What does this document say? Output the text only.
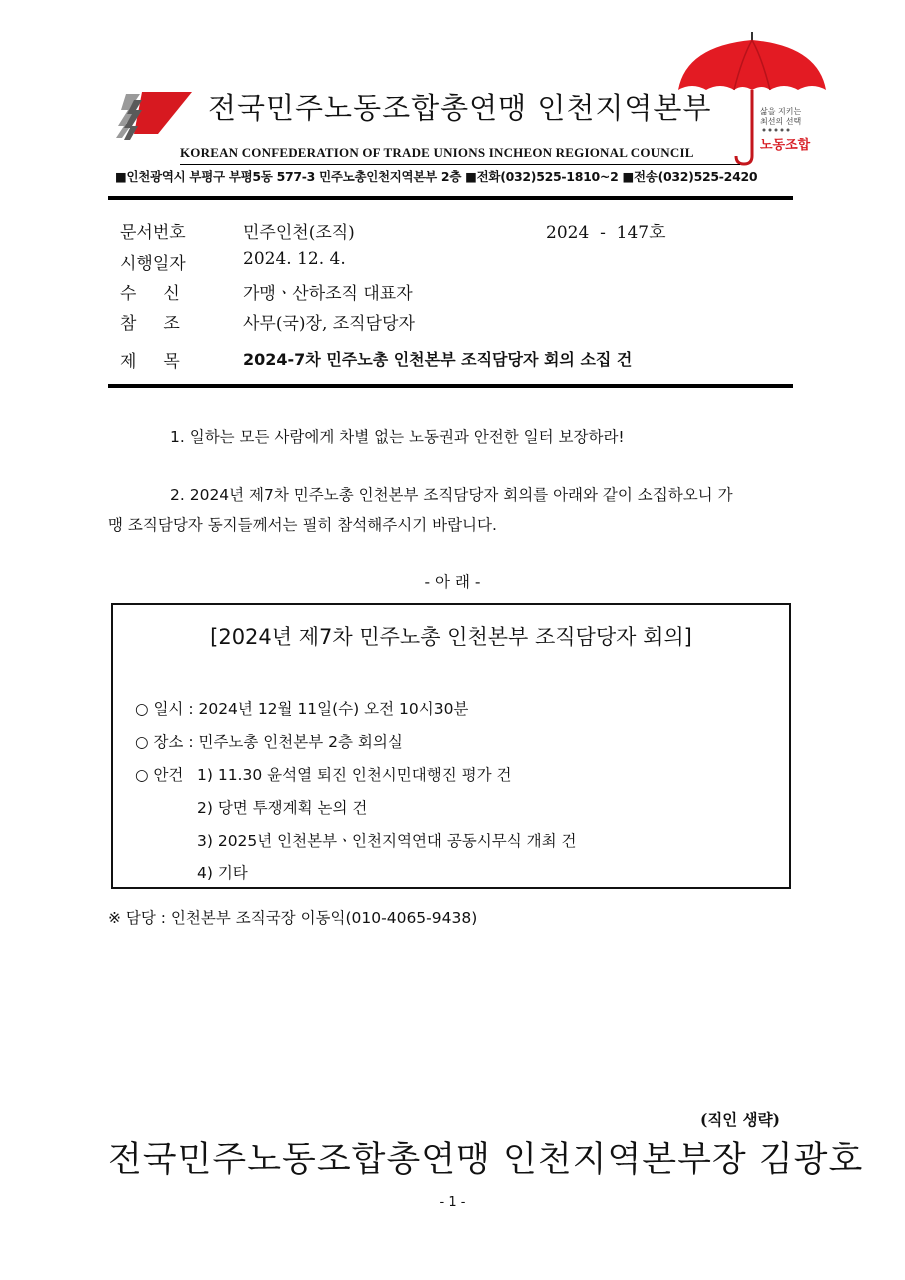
전국민주노동조합총연맹 인천지역본부	삶을 지키는
최선의 선택
노동조합
KOREAN CONFEDERATION OF TRADE UNIONS INCHEON REGIONAL COUNCIL
■인천광역시 부평구 부평5동 577-3 민주노총인천지역본부 2층 ■전화(032)525-1810~2 ■전송(032)525-2420
문서번호	민주인천(조직)	2024  -  147호
시행일자	2024. 12. 4.
수신 가맹ㆍ산하조직 대표자
참조 사무(국)장, 조직담당자
제목 2024-7차 민주노총 인천본부 조직담당자 회의 소집 건
1. 일하는 모든 사람에게 차별 없는 노동권과 안전한 일터 보장하라!
2. 2024년 제7차 민주노총 인천본부 조직담당자 회의를 아래와 같이 소집하오니 가
맹 조직담당자 동지들께서는 필히 참석해주시기 바랍니다.
- 아 래 -
[2024년 제7차 민주노총 인천본부 조직담당자 회의]
○ 일시 : 2024년 12월 11일(수) 오전 10시30분
○ 장소 : 민주노총 인천본부 2층 회의실
○ 안건 1) 11.30 윤석열 퇴진 인천시민대행진 평가 건
2) 당면 투쟁계획 논의 건
3) 2025년 인천본부ㆍ인천지역연대 공동시무식 개최 건
4) 기타
※ 담당 : 인천본부 조직국장 이동익(010-4065-9438)
(직인 생략)
전국민주노동조합총연맹 인천지역본부장 김광호
- 1 -
